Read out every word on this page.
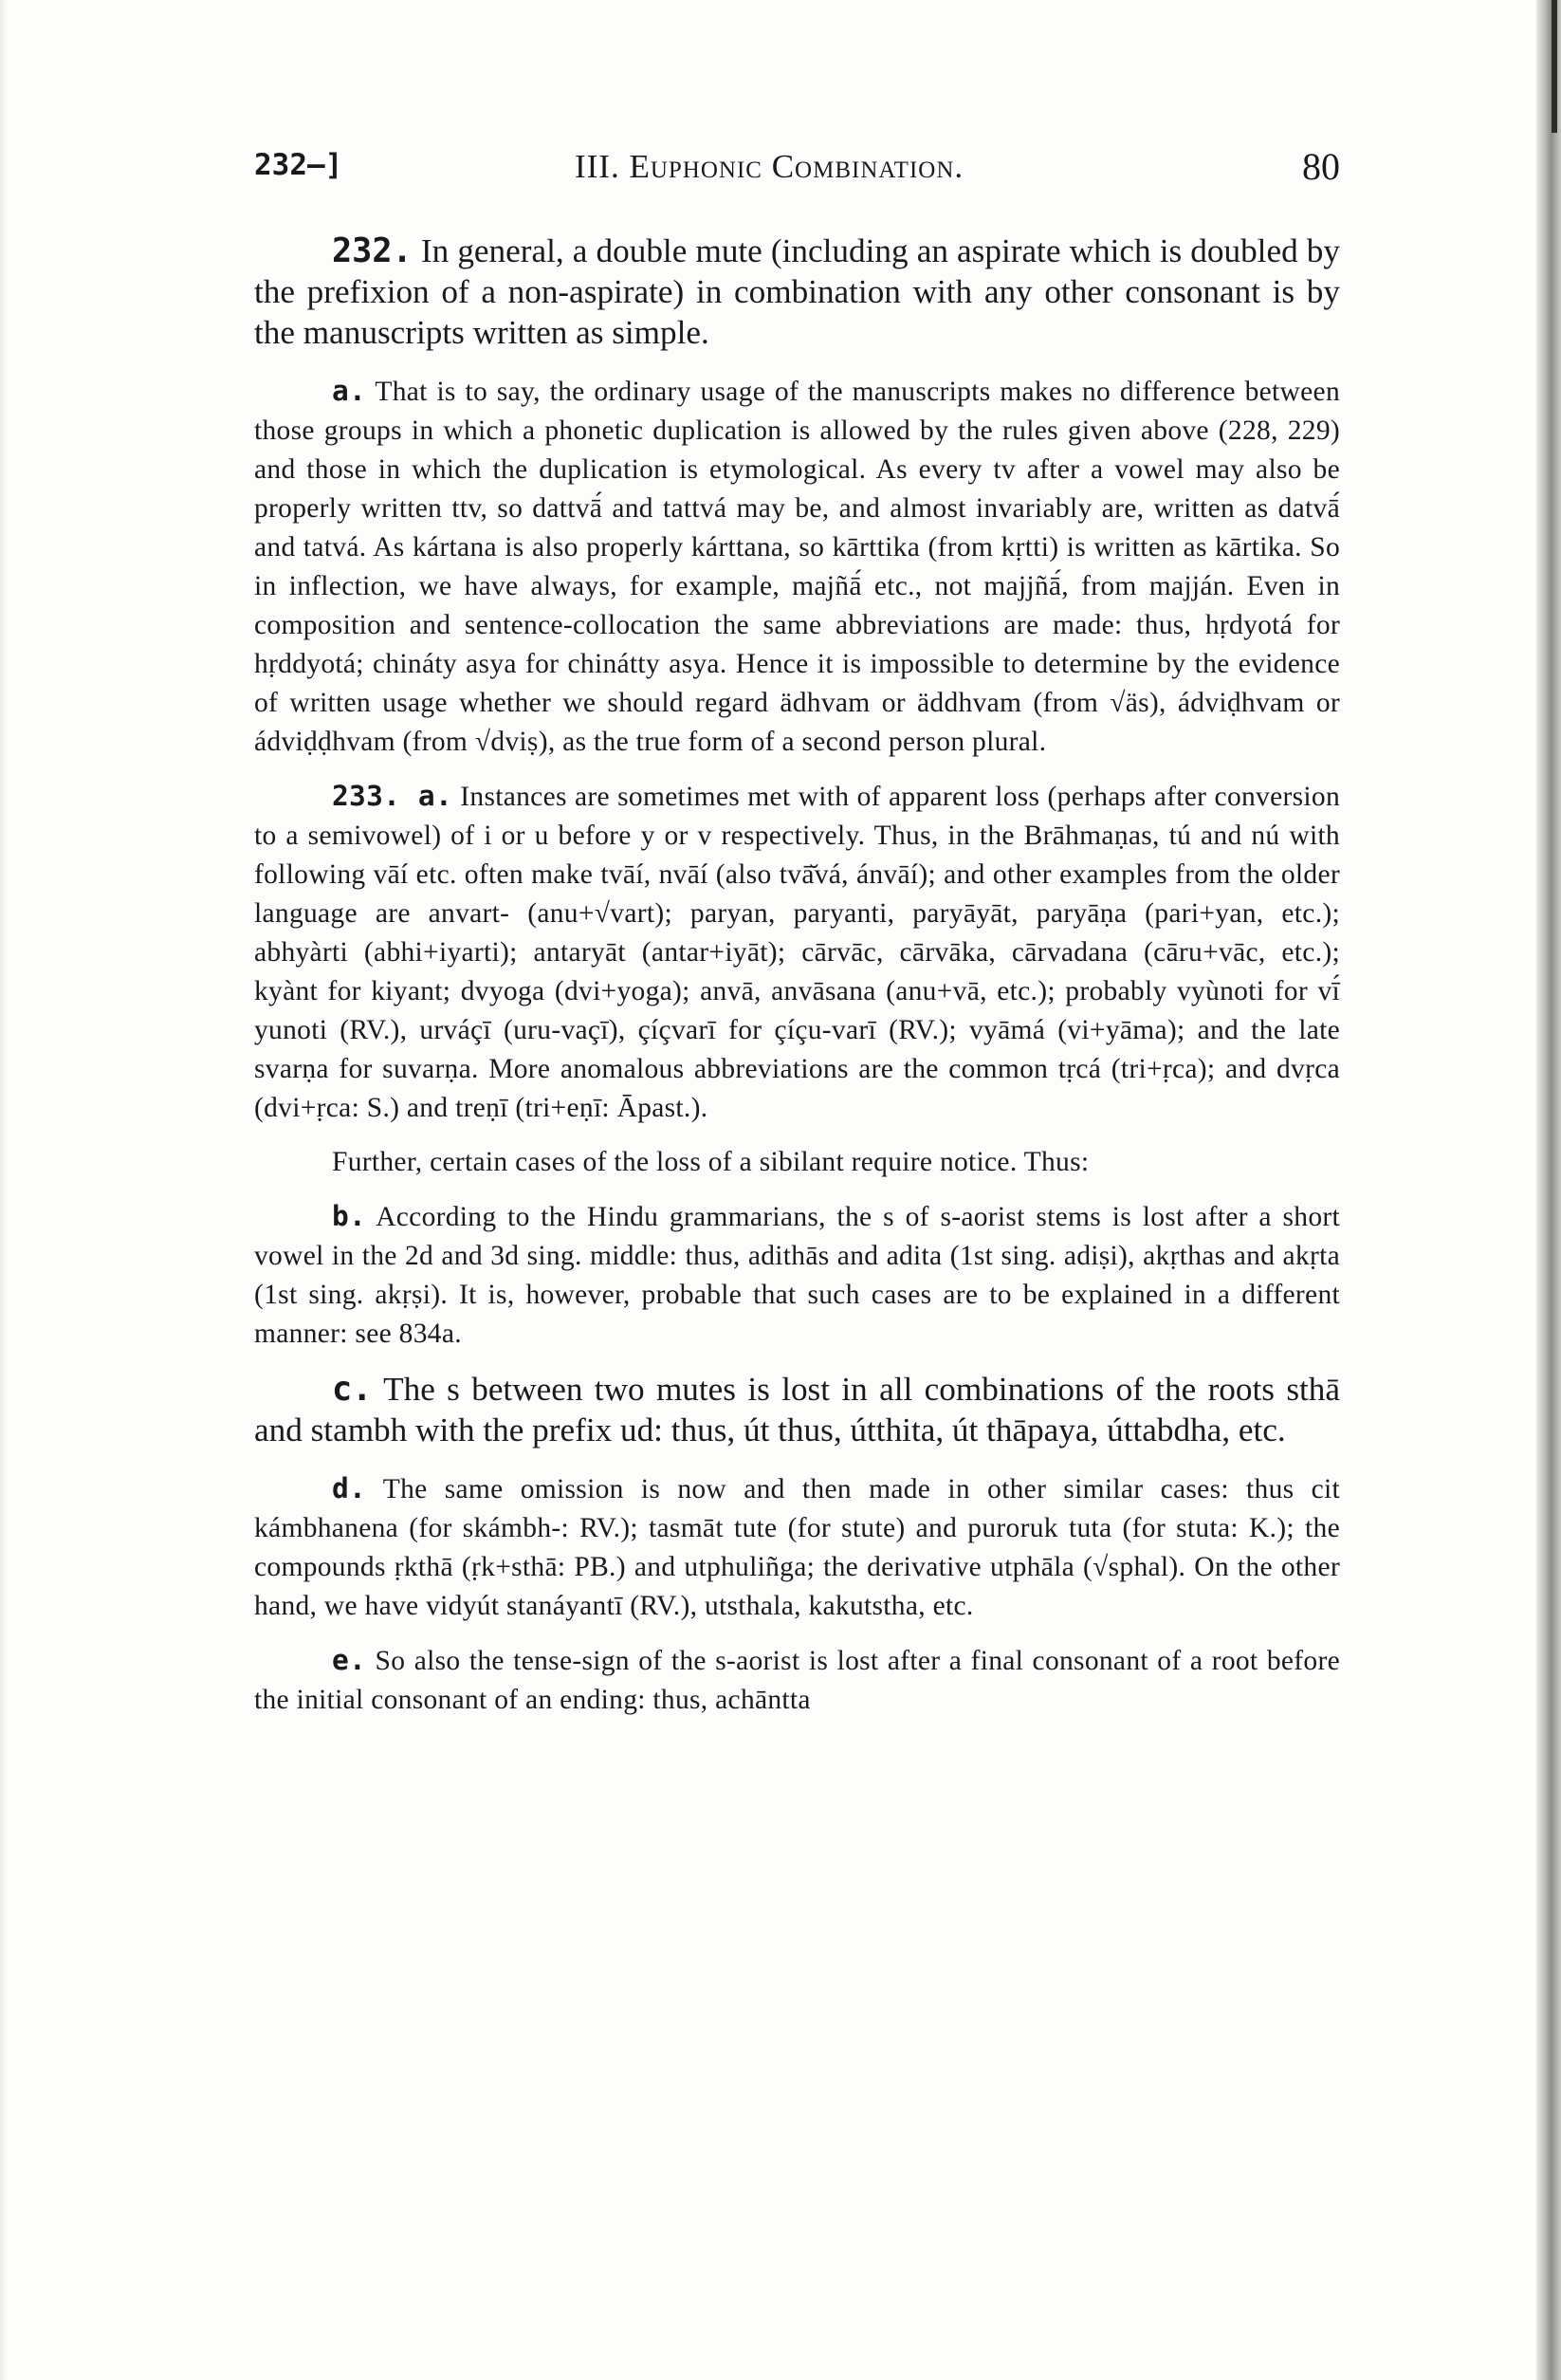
232—]	III. Euphonic Combination.	80

232. In general, a double mute (including an aspirate which is doubled by the prefixion of a non-aspirate) in combination with any other consonant is by the manuscripts written as simple.

a. That is to say, the ordinary usage of the manuscripts makes no difference between those groups in which a phonetic duplication is allowed by the rules given above (228, 229) and those in which the duplication is etymological. As every tv after a vowel may also be properly written ttv, so dattvā́ and tattvá may be, and almost invariably are, written as datvā́ and tatvá. As kártana is also properly kárttana, so kārttika (from kṛtti) is written as kārtika. So in inflection, we have always, for example, majñā́ etc., not majjñā́, from majján. Even in composition and sentence-collocation the same abbreviations are made: thus, hṛdyotá for hṛddyotá; chináty asya for chinátty asya. Hence it is impossible to determine by the evidence of written usage whether we should regard ädhvam or äddhvam (from √äs), ádviḍhvam or ádviḍḍhvam (from √dviṣ), as the true form of a second person plural.

233. a. Instances are sometimes met with of apparent loss (perhaps after conversion to a semivowel) of i or u before y or v respectively. Thus, in the Brāhmaṇas, tú and nú with following vāí etc. often make tvāí, nvāí (also tvā̆vá, ánvāí); and other examples from the older language are anvart- (anu+√vart); paryan, paryanti, paryāyāt, paryāṇa (pari+yan, etc.); abhyàrti (abhi+iyarti); antaryāt (antar+iyāt); cārvāc, cārvāka, cārvadana (cāru+vāc, etc.); kyànt for kiyant; dvyoga (dvi+yoga); anvā, anvāsana (anu+vā, etc.); probably vyùnoti for vī́ yunoti (RV.), urváçī (uru-vaçī), çíçvarī for çíçu-varī (RV.); vyāmá (vi+yāma); and the late svarṇa for suvarṇa. More anomalous abbreviations are the common tṛcá (tri+ṛca); and dvṛca (dvi+ṛca: S.) and treṇī (tri+eṇī: Āpast.).

Further, certain cases of the loss of a sibilant require notice. Thus:

b. According to the Hindu grammarians, the s of s-aorist stems is lost after a short vowel in the 2d and 3d sing. middle: thus, adithās and adita (1st sing. adiṣi), akṛthas and akṛta (1st sing. akṛṣi). It is, however, probable that such cases are to be explained in a different manner: see 834a.

c. The s between two mutes is lost in all combinations of the roots sthā and stambh with the prefix ud: thus, út thus, útthita, út thāpaya, úttabdha, etc.

d. The same omission is now and then made in other similar cases: thus cit kámbhanena (for skámbh-: RV.); tasmāt tute (for stute) and puroruk tuta (for stuta: K.); the compounds ṛkthā (ṛk+sthā: PB.) and utphuliñga; the derivative utphāla (√sphal). On the other hand, we have vidyút stanáyantī (RV.), utsthala, kakutstha, etc.

e. So also the tense-sign of the s-aorist is lost after a final consonant of a root before the initial consonant of an ending: thus, achāntta
